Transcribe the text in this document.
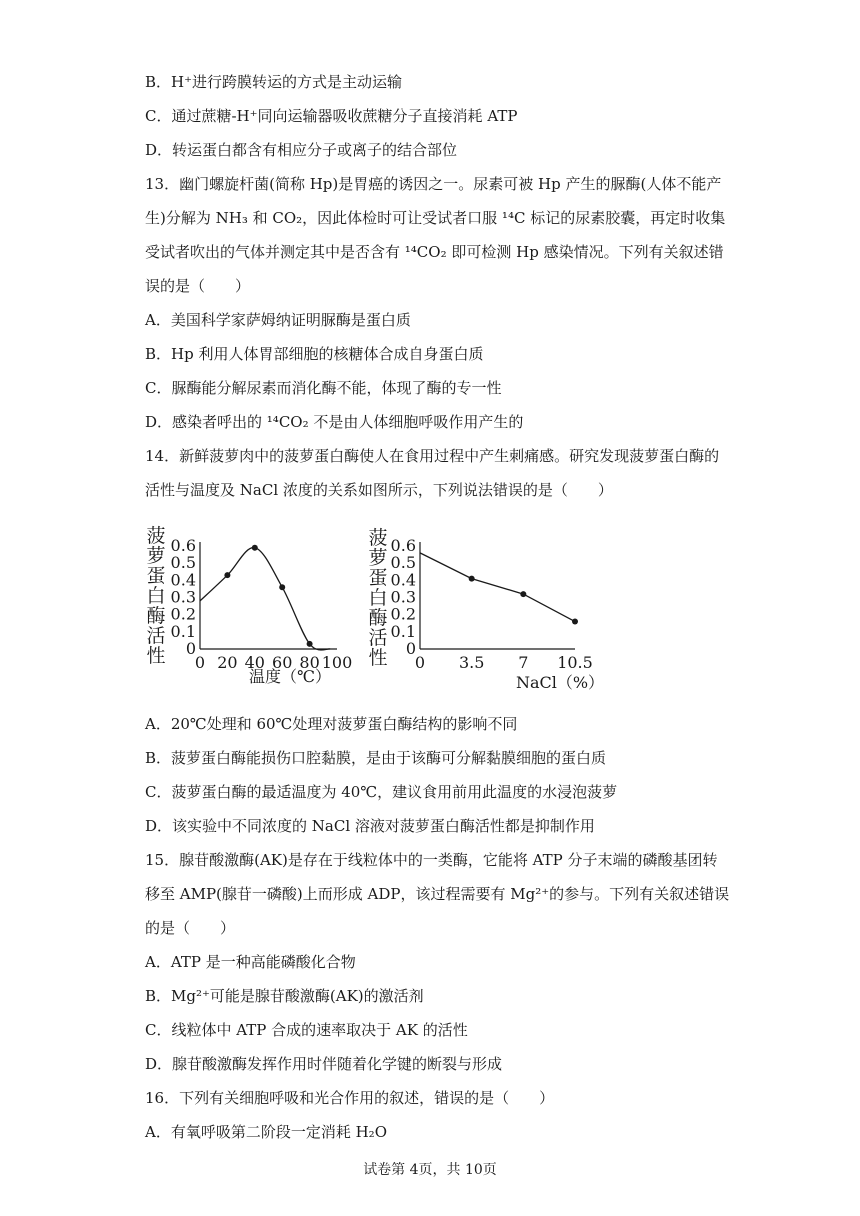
B．H⁺进行跨膜转运的方式是主动运输
C．通过蔗糖-H⁺同向运输器吸收蔗糖分子直接消耗 ATP
D．转运蛋白都含有相应分子或离子的结合部位
13．幽门螺旋杆菌(简称 Hp)是胃癌的诱因之一。尿素可被 Hp 产生的脲酶(人体不能产
生)分解为 NH₃ 和 CO₂，因此体检时可让受试者口服 ¹⁴C 标记的尿素胶囊，再定时收集
受试者吹出的气体并测定其中是否含有 ¹⁴CO₂ 即可检测 Hp 感染情况。下列有关叙述错
误的是（　　）
A．美国科学家萨姆纳证明脲酶是蛋白质
B．Hp 利用人体胃部细胞的核糖体合成自身蛋白质
C．脲酶能分解尿素而消化酶不能，体现了酶的专一性
D．感染者呼出的 ¹⁴CO₂ 不是由人体细胞呼吸作用产生的
14．新鲜菠萝肉中的菠萝蛋白酶使人在食用过程中产生刺痛感。研究发现菠萝蛋白酶的
活性与温度及 NaCl 浓度的关系如图所示，下列说法错误的是（　　）
0
0.1
0.2
0.3
0.4
0.5
0.6
0 20 40 60 80 100
菠
萝
蛋
白
酶
活
性
温度（℃）
0
0.1
0.2
0.3
0.4
0.5
0.6
0 3.5 7 10.5
菠
萝
蛋
白
酶
活
性
NaCl（%）
A．20℃处理和 60℃处理对菠萝蛋白酶结构的影响不同
B．菠萝蛋白酶能损伤口腔黏膜，是由于该酶可分解黏膜细胞的蛋白质
C．菠萝蛋白酶的最适温度为 40℃，建议食用前用此温度的水浸泡菠萝
D．该实验中不同浓度的 NaCl 溶液对菠萝蛋白酶活性都是抑制作用
15．腺苷酸激酶(AK)是存在于线粒体中的一类酶，它能将 ATP 分子末端的磷酸基团转
移至 AMP(腺苷一磷酸)上而形成 ADP，该过程需要有 Mg²⁺的参与。下列有关叙述错误
的是（　　）
A．ATP 是一种高能磷酸化合物
B．Mg²⁺可能是腺苷酸激酶(AK)的激活剂
C．线粒体中 ATP 合成的速率取决于 AK 的活性
D．腺苷酸激酶发挥作用时伴随着化学键的断裂与形成
16．下列有关细胞呼吸和光合作用的叙述，错误的是（　　）
A．有氧呼吸第二阶段一定消耗 H₂O
试卷第 4页，共 10页
